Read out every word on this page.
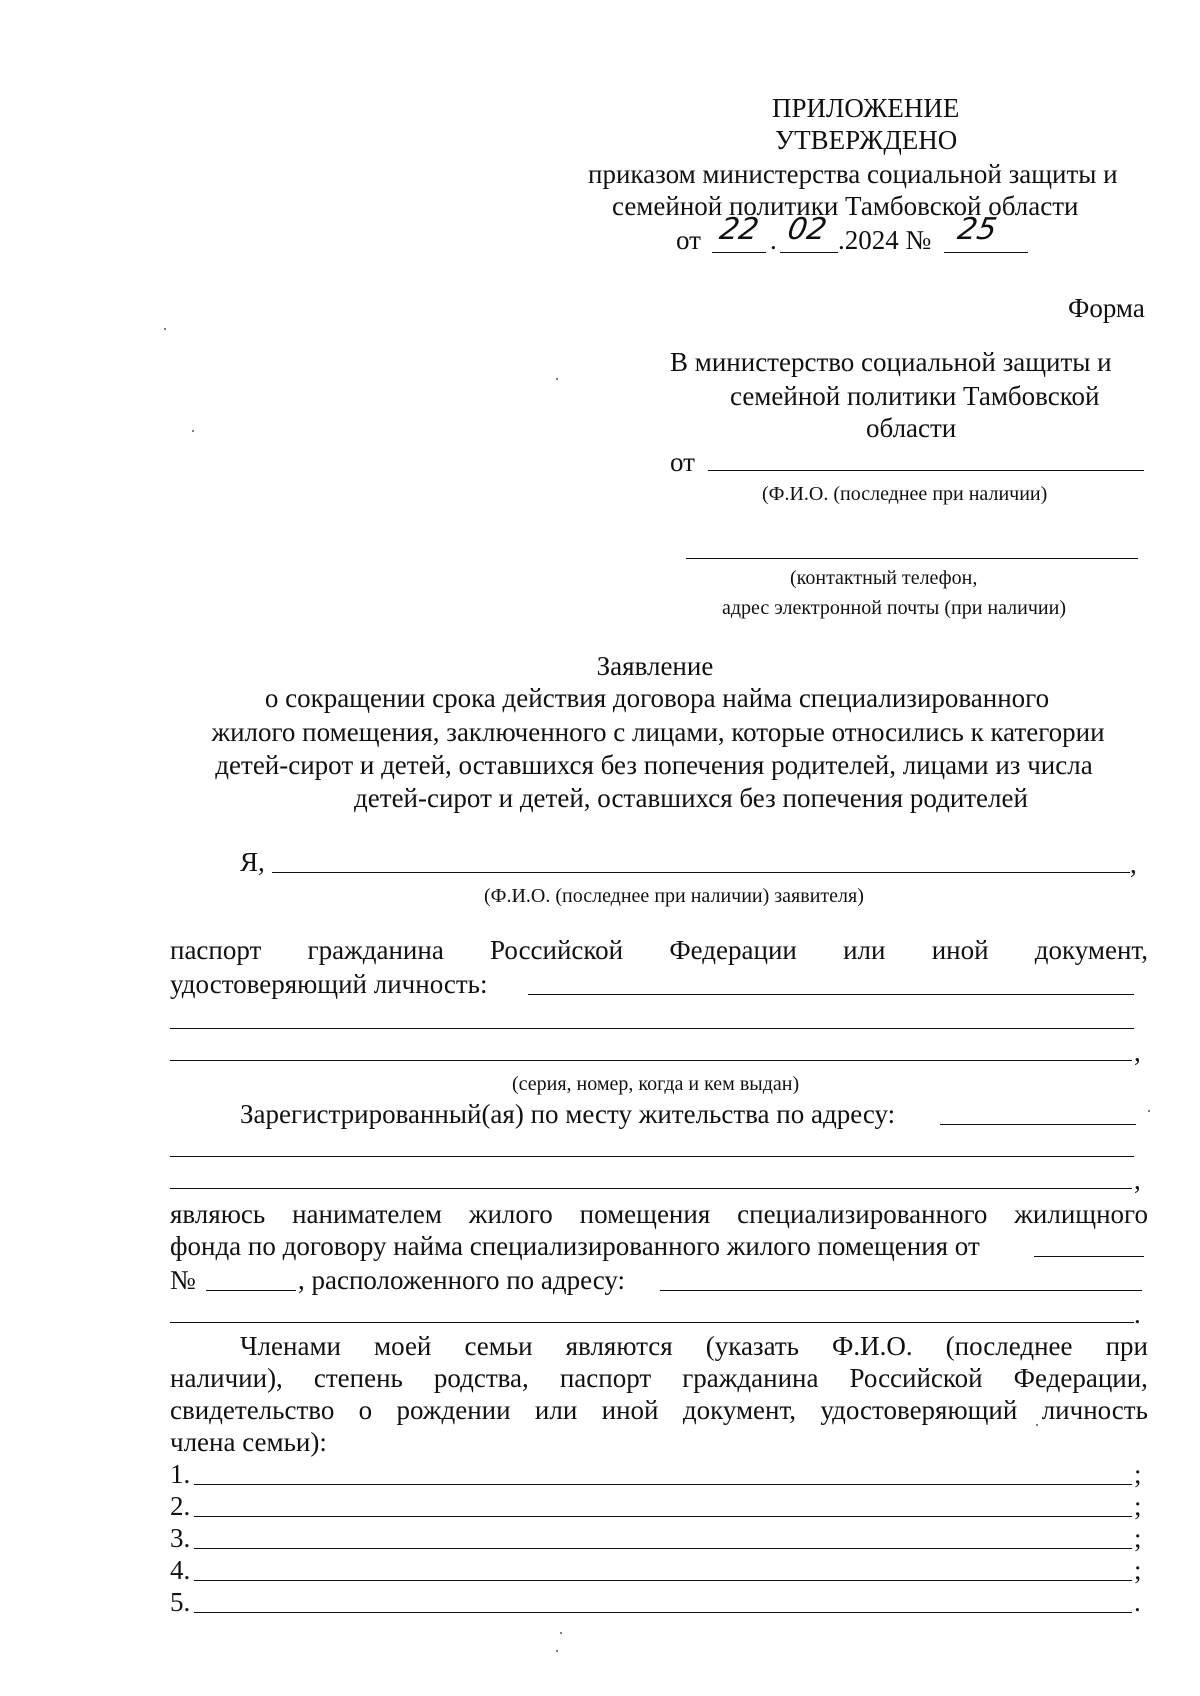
ПРИЛОЖЕНИЕ
УТВЕРЖДЕНО
приказом министерства социальной защиты и
семейной политики Тамбовской области
от 22 . 02 .2024 № 25
Форма
В министерство социальной защиты и
семейной политики Тамбовской
области
от
(Ф.И.О. (последнее при наличии)
(контактный телефон,
адрес электронной почты (при наличии)
Заявление
о сокращении срока действия договора найма специализированного
жилого помещения, заключенного с лицами, которые относились к категории
детей-сирот и детей, оставшихся без попечения родителей, лицами из числа
детей-сирот и детей, оставшихся без попечения родителей
Я,	,
(Ф.И.О. (последнее при наличии) заявителя)
паспорт гражданина Российской Федерации или иной документ,
удостоверяющий личность:
,
(серия, номер, когда и кем выдан)
Зарегистрированный(ая) по месту жительства по адресу:
,
являюсь нанимателем жилого помещения специализированного жилищного
фонда по договору найма специализированного жилого помещения от
№	, расположенного по адресу:
.
Членами моей семьи являются (указать Ф.И.О. (последнее при
наличии), степень родства, паспорт гражданина Российской Федерации,
свидетельство о рождении или иной документ, удостоверяющий личность
члена семьи):
1.	;
2.	;
3.	;
4.	;
5.	.
